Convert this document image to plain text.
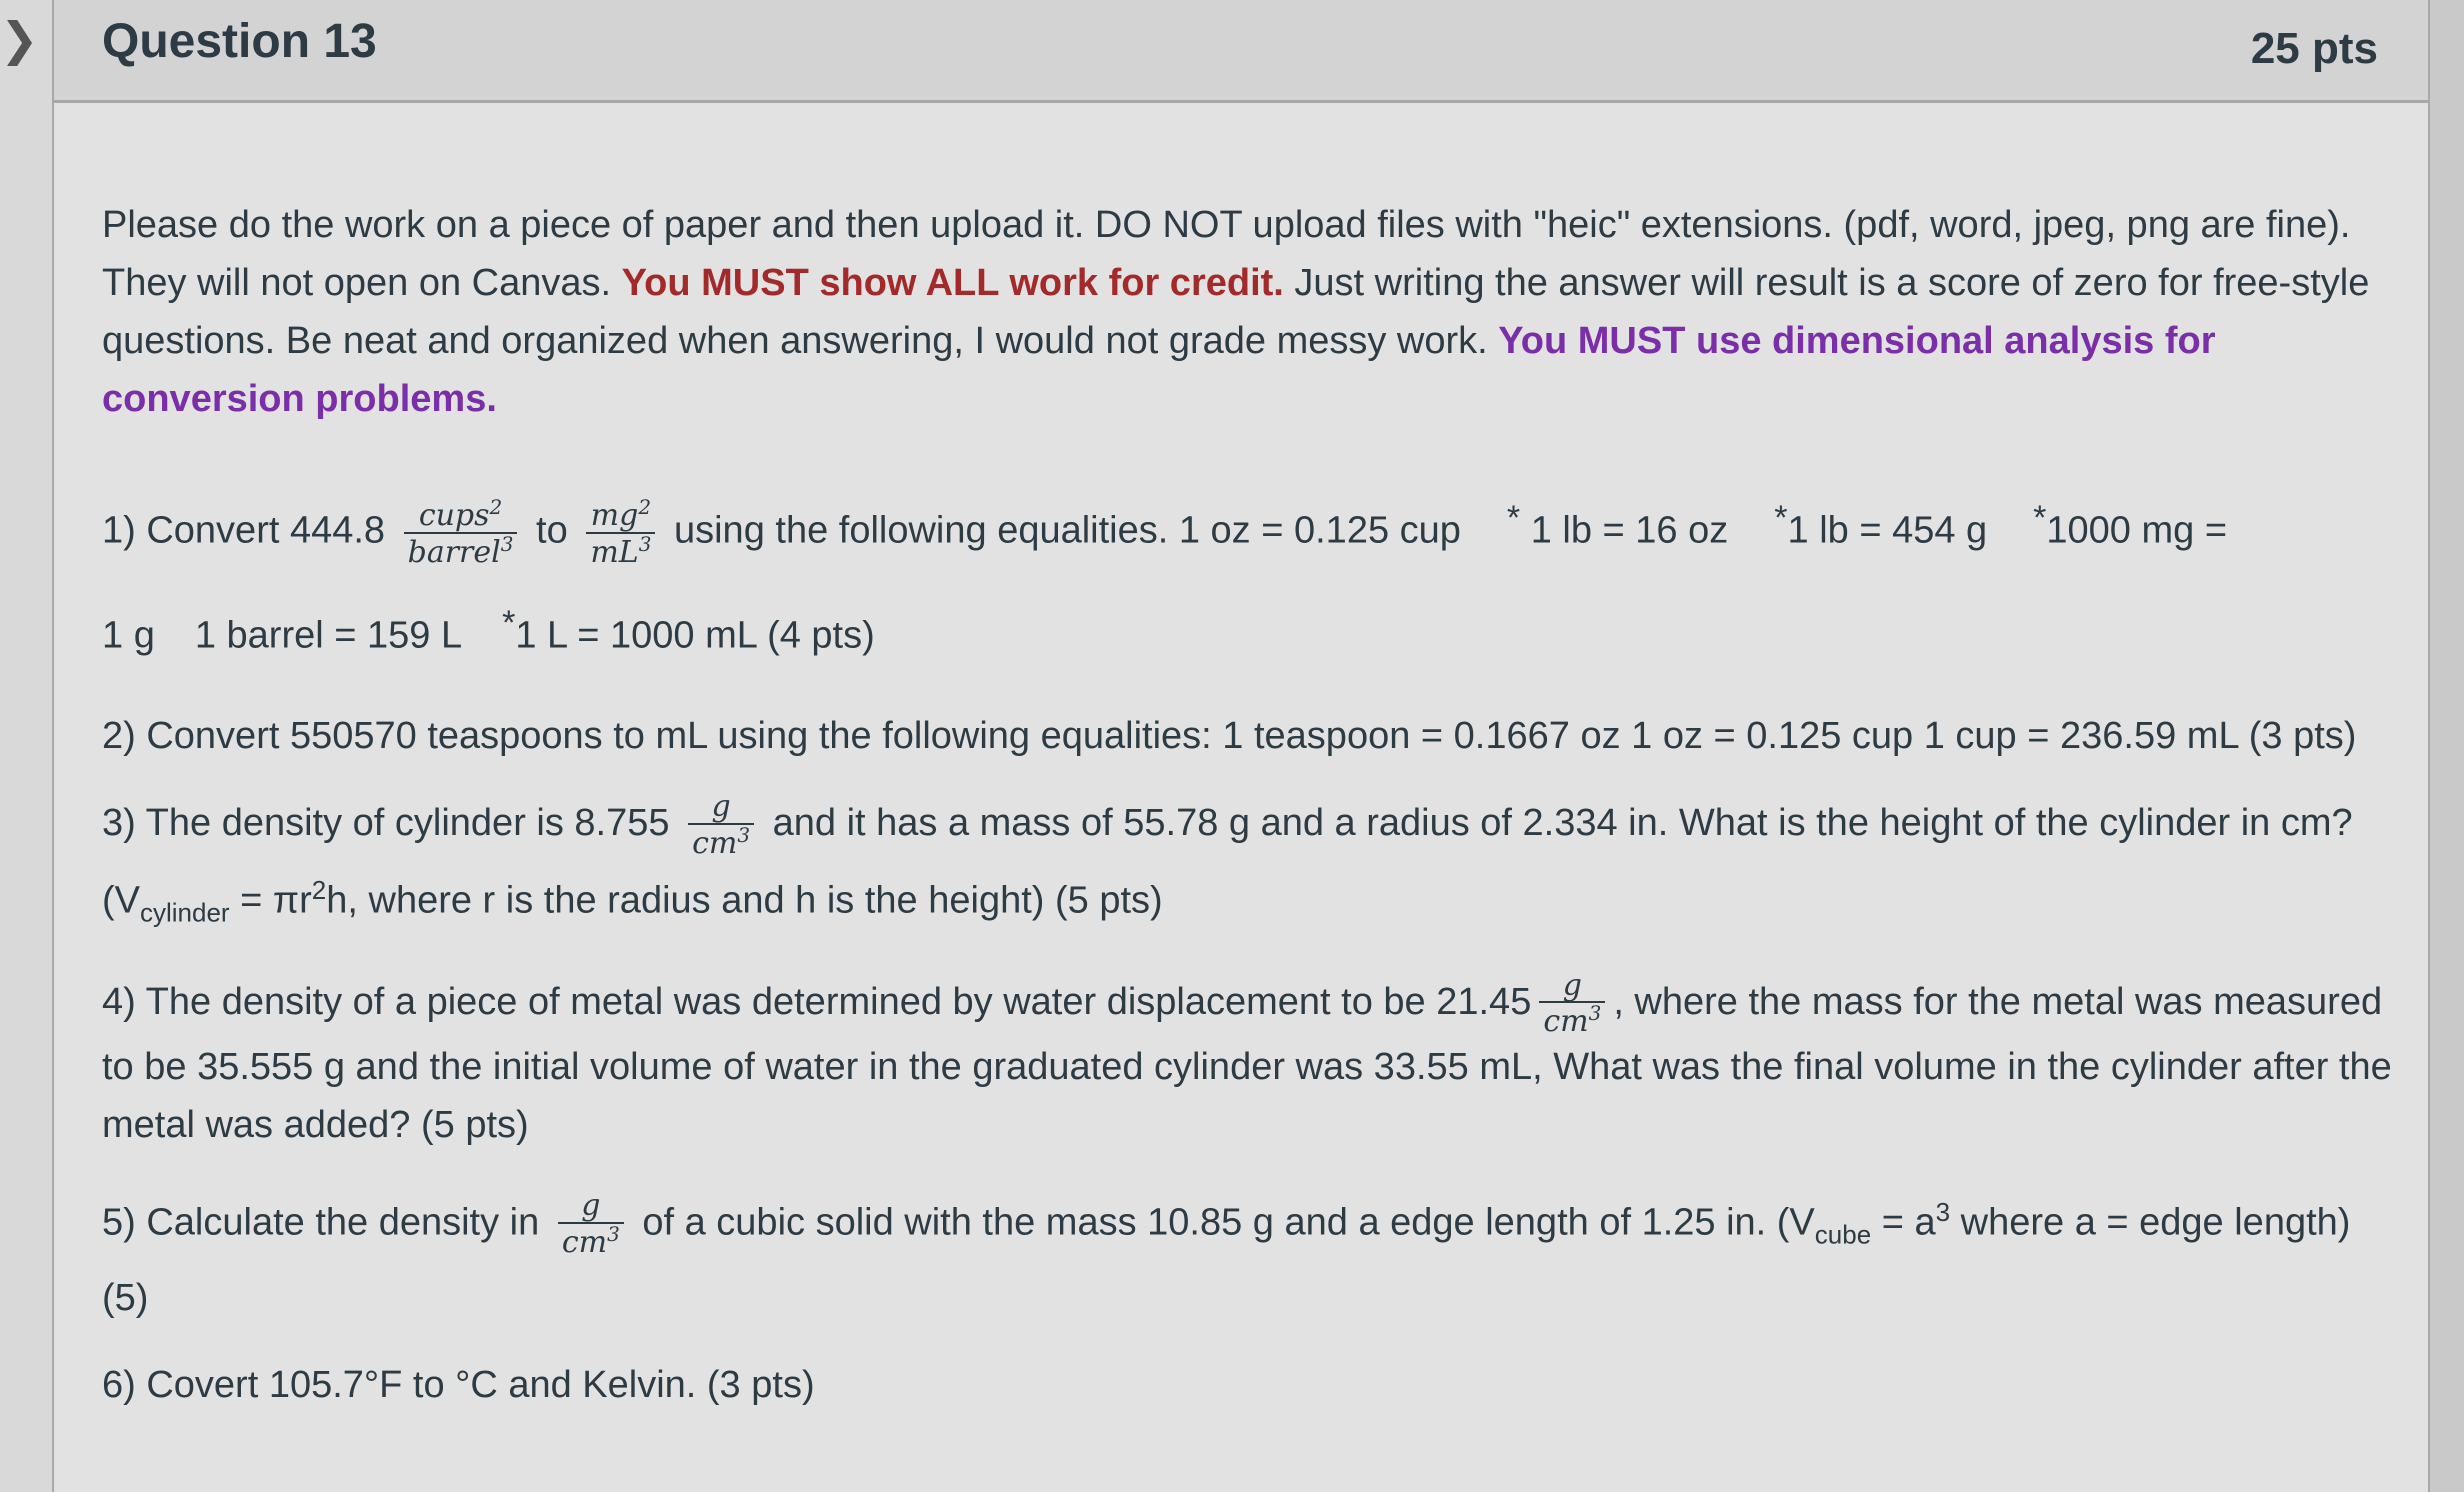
❯ Question 13	25 pts

Please do the work on a piece of paper and then upload it. DO NOT upload files with "heic" extensions. (pdf, word, jpeg, png are fine). They will not open on Canvas. You MUST show ALL work for credit. Just writing the answer will result is a score of zero for free-style questions. Be neat and organized when answering, I would not grade messy work. You MUST use dimensional analysis for conversion problems.

1) Convert $444.8 \frac{cups^2}{barrel^3}$ to $\frac{mg^2}{mL^3}$ using the following equalities. 1 oz = 0.125 cup * 1 lb = 16 oz *1 lb = 454 g *1000 mg =
1 g 1 barrel = 159 L *1 L = 1000 mL (4 pts)

2) Convert 550570 teaspoons to mL using the following equalities: 1 teaspoon = 0.1667 oz 1 oz = 0.125 cup 1 cup = 236.59 mL (3 pts)

3) The density of cylinder is $8.755 \frac{g}{cm^3}$ and it has a mass of 55.78 g and a radius of 2.334 in. What is the height of the cylinder in cm? ($V_{cylinder} = \pi r^2h$, where r is the radius and h is the height) (5 pts)

4) The density of a piece of metal was determined by water displacement to be $21.45 \frac{g}{cm^3}$ , where the mass for the metal was measured to be 35.555 g and the initial volume of water in the graduated cylinder was 33.55 mL, What was the final volume in the cylinder after the metal was added? (5 pts)

5) Calculate the density in $\frac{g}{cm^3}$ of a cubic solid with the mass 10.85 g and a edge length of 1.25 in. ($V_{cube} = a^3$ where a = edge length) (5)

6) Covert 105.7°F to °C and Kelvin. (3 pts)
